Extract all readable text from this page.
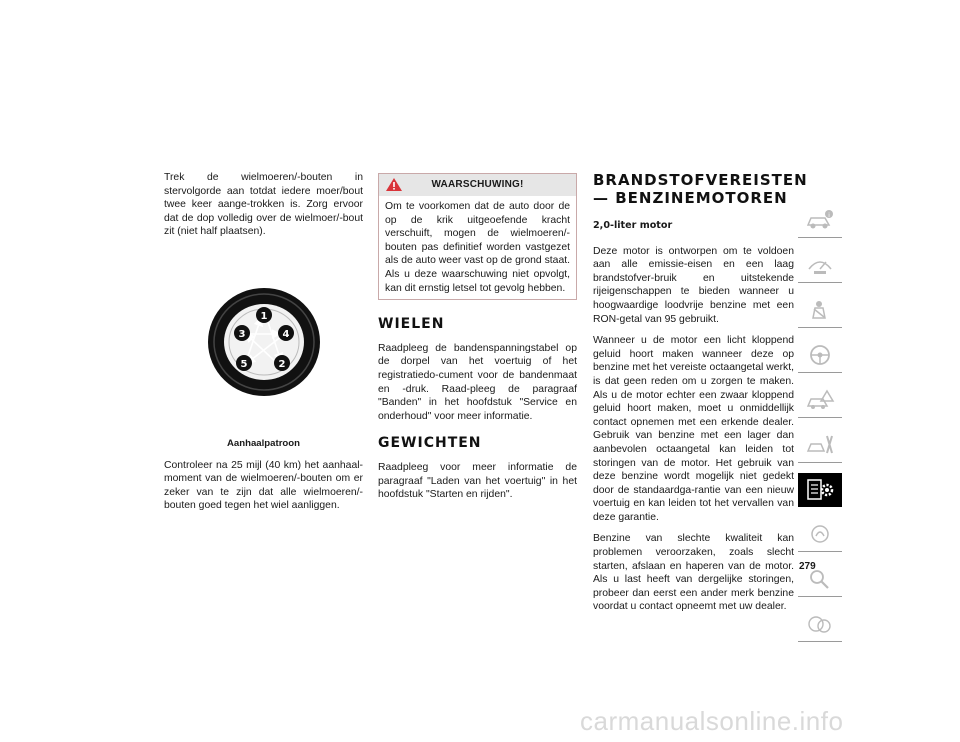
Trek de wielmoeren/-bouten in stervolgorde aan totdat iedere moer/bout twee keer aange-trokken is. Zorg ervoor dat de dop volledig over de wielmoer/-bout zit (niet half plaatsen).

1
2
3	4
5
Aanhaalpatroon

Controleer na 25 mijl (40 km) het aanhaal-moment van de wielmoeren/-bouten om er zeker van te zijn dat alle wielmoeren/-bouten goed tegen het wiel aanliggen.

WAARSCHUWING!
Om te voorkomen dat de auto door de op de krik uitgeoefende kracht verschuift, mogen de wielmoeren/-bouten pas definitief worden vastgezet als de auto weer vast op de grond staat. Als u deze waarschuwing niet opvolgt, kan dit ernstig letsel tot gevolg hebben.
WIELEN

Raadpleeg de bandenspanningstabel op de dorpel van het voertuig of het registratiedo-cument voor de bandenmaat en -druk. Raad-pleeg de paragraaf "Banden" in het hoofdstuk "Service en onderhoud" voor meer informatie.

GEWICHTEN

Raadpleeg voor meer informatie de paragraaf "Laden van het voertuig" in het hoofdstuk "Starten en rijden".

BRANDSTOFVEREISTEN — BENZINEMOTOREN
2,0-liter motor

Deze motor is ontworpen om te voldoen aan alle emissie-eisen en een laag brandstofver-bruik en uitstekende rijeigenschappen te bieden wanneer u hoogwaardige loodvrije benzine met een RON-getal van 95 gebruikt.

Wanneer u de motor een licht kloppend geluid hoort maken wanneer deze op benzine met het vereiste octaangetal werkt, is dat geen reden om u zorgen te maken. Als u de motor echter een zwaar kloppend geluid hoort maken, moet u onmiddellijk contact opnemen met een erkende dealer. Gebruik van benzine met een lager dan aanbevolen octaangetal kan leiden tot storingen van de motor. Het gebruik van deze benzine wordt mogelijk niet gedekt door de standaardga-rantie van een nieuw voertuig en kan leiden tot het vervallen van deze garantie.

Benzine van slechte kwaliteit kan problemen veroorzaken, zoals slecht starten, afslaan en haperen van de motor. Als u last heeft van dergelijke storingen, probeer dan eerst een ander merk benzine voordat u contact opneemt met uw dealer.

i
279
carmanualsonline.info
